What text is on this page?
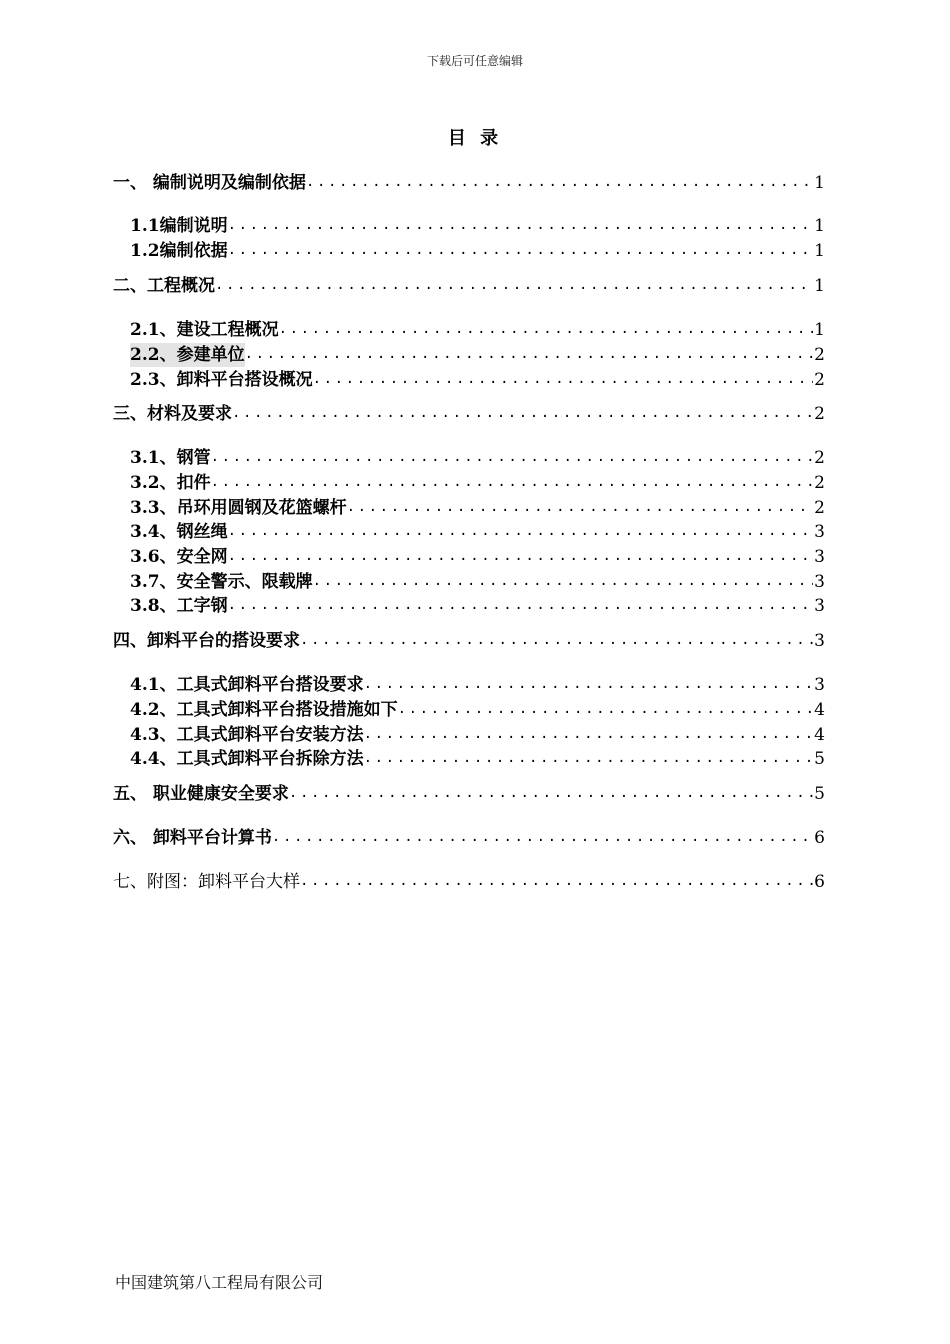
下载后可任意编辑
目 录
一、 编制说明及编制依据 .....	1
1.1编制说明 .....	1
1.2编制依据 .....	1
二、工程概况 .....	1
2.1、建设工程概况 .....	1
2.2、参建单位 .....	2
2.3、卸料平台搭设概况 .....	2
三、材料及要求 .....	2
3.1、钢管 .....	2
3.2、扣件 .....	2
3.3、吊环用圆钢及花篮螺杆 .....	2
3.4、钢丝绳 .....	3
3.6、安全网 .....	3
3.7、安全警示、限载牌 .....	3
3.8、工字钢 .....	3
四、卸料平台的搭设要求 .....	3
4.1、工具式卸料平台搭设要求 .....	3
4.2、工具式卸料平台搭设措施如下 .....	4
4.3、工具式卸料平台安装方法 .....	4
4.4、工具式卸料平台拆除方法 .....	5
五、 职业健康安全要求 .....	5
六、 卸料平台计算书 .....	6
七、附图：卸料平台大样 .....	6
中国建筑第八工程局有限公司
